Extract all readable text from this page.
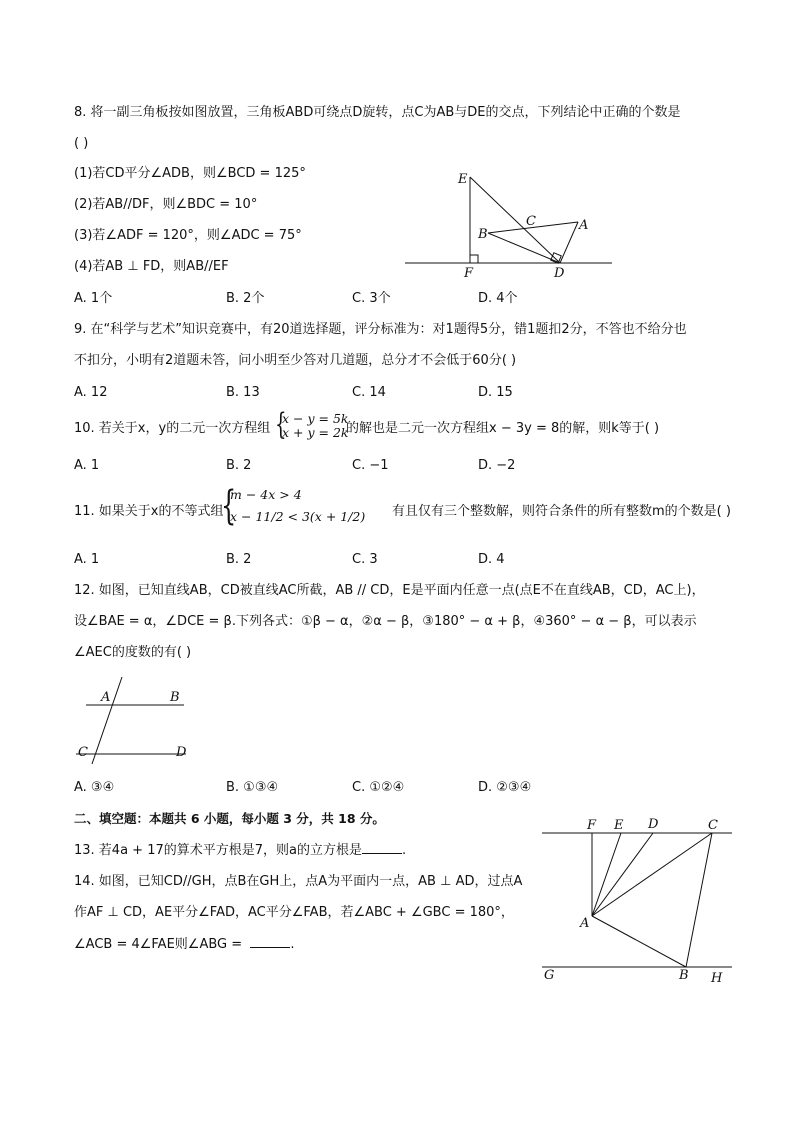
8. 将一副三角板按如图放置，三角板ABD可绕点D旋转，点C为AB与DE的交点，下列结论中正确的个数是
( )
(1)若CD平分∠ADB，则∠BCD = 125°
(2)若AB//DF，则∠BDC = 10°
(3)若∠ADF = 120°，则∠ADC = 75°
(4)若AB ⊥ FD，则AB//EF
E
C	A
B
F	D
A. 1个	B. 2个	C. 3个	D. 4个
9. 在“科学与艺术”知识竞赛中，有20道选择题，评分标准为：对1题得5分，错1题扣2分，不答也不给分也
不扣分，小明有2道题未答，问小明至少答对几道题，总分才不会低于60分( )
A. 12	B. 13	C. 14	D. 15
10. 若关于x，y的二元一次方程组 {
x − y = 5k
x + y = 2k
的解也是二元一次方程组x − 3y = 8的解，则k等于( )
A. 1	B. 2	C. −1	D. −2
11. 如果关于x的不等式组
{
m − 4x > 4
x − 11/2 < 3(x + 1/2) 有且仅有三个整数解，则符合条件的所有整数m的个数是( )
A. 1	B. 2	C. 3	D. 4
12. 如图，已知直线AB，CD被直线AC所截，AB // CD，E是平面内任意一点(点E不在直线AB，CD，AC上)，
设∠BAE = α，∠DCE = β.下列各式：①β − α，②α − β，③180° − α + β，④360° − α − β，可以表示
∠AEC的度数的有( )
A	B
C	D
A. ③④	B. ①③④	C. ①②④	D. ②③④
二、填空题：本题共 6 小题，每小题 3 分，共 18 分。
13. 若4a + 17的算术平方根是7，则a的立方根是	.
14. 如图，已知CD//GH，点B在GH上，点A为平面内一点，AB ⊥ AD，过点A
作AF ⊥ CD，AE平分∠FAD，AC平分∠FAB，若∠ABC + ∠GBC = 180°，
∠ACB = 4∠FAE则∠ABG =	.
F E D	C
A
G	B H
